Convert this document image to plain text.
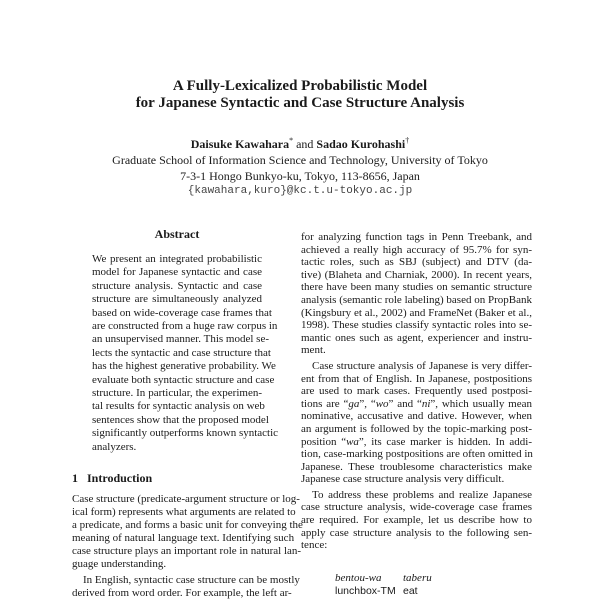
A Fully-Lexicalized Probabilistic Model
for Japanese Syntactic and Case Structure Analysis
Daisuke Kawahara* and Sadao Kurohashi†
Graduate School of Information Science and Technology, University of Tokyo
7-3-1 Hongo Bunkyo-ku, Tokyo, 113-8656, Japan
{kawahara,kuro}@kc.t.u-tokyo.ac.jp
Abstract
We present an integrated probabilistic
model for Japanese syntactic and case
structure analysis. Syntactic and case
structure are simultaneously analyzed
based on wide-coverage case frames that
are constructed from a huge raw corpus in
an unsupervised manner. This model se-
lects the syntactic and case structure that
has the highest generative probability. We
evaluate both syntactic structure and case
structure. In particular, the experimen-
tal results for syntactic analysis on web
sentences show that the proposed model
significantly outperforms known syntactic
analyzers.
1 Introduction
Case structure (predicate-argument structure or log-
ical form) represents what arguments are related to
a predicate, and forms a basic unit for conveying the
meaning of natural language text. Identifying such
case structure plays an important role in natural lan-
guage understanding.
In English, syntactic case structure can be mostly
derived from word order. For example, the left ar-
for analyzing function tags in Penn Treebank, and
achieved a really high accuracy of 95.7% for syn-
tactic roles, such as SBJ (subject) and DTV (da-
tive) (Blaheta and Charniak, 2000). In recent years,
there have been many studies on semantic structure
analysis (semantic role labeling) based on PropBank
(Kingsbury et al., 2002) and FrameNet (Baker et al.,
1998). These studies classify syntactic roles into se-
mantic ones such as agent, experiencer and instru-
ment.
Case structure analysis of Japanese is very differ-
ent from that of English. In Japanese, postpositions
are used to mark cases. Frequently used postposi-
tions are “ga”, “wo” and “ni”, which usually mean
nominative, accusative and dative. However, when
an argument is followed by the topic-marking post-
position “wa”, its case marker is hidden. In addi-
tion, case-marking postpositions are often omitted in
Japanese. These troublesome characteristics make
Japanese case structure analysis very difficult.
To address these problems and realize Japanese
case structure analysis, wide-coverage case frames
are required. For example, let us describe how to
apply case structure analysis to the following sen-
tence:
bentou-wa taberu
lunchbox-TM eat
